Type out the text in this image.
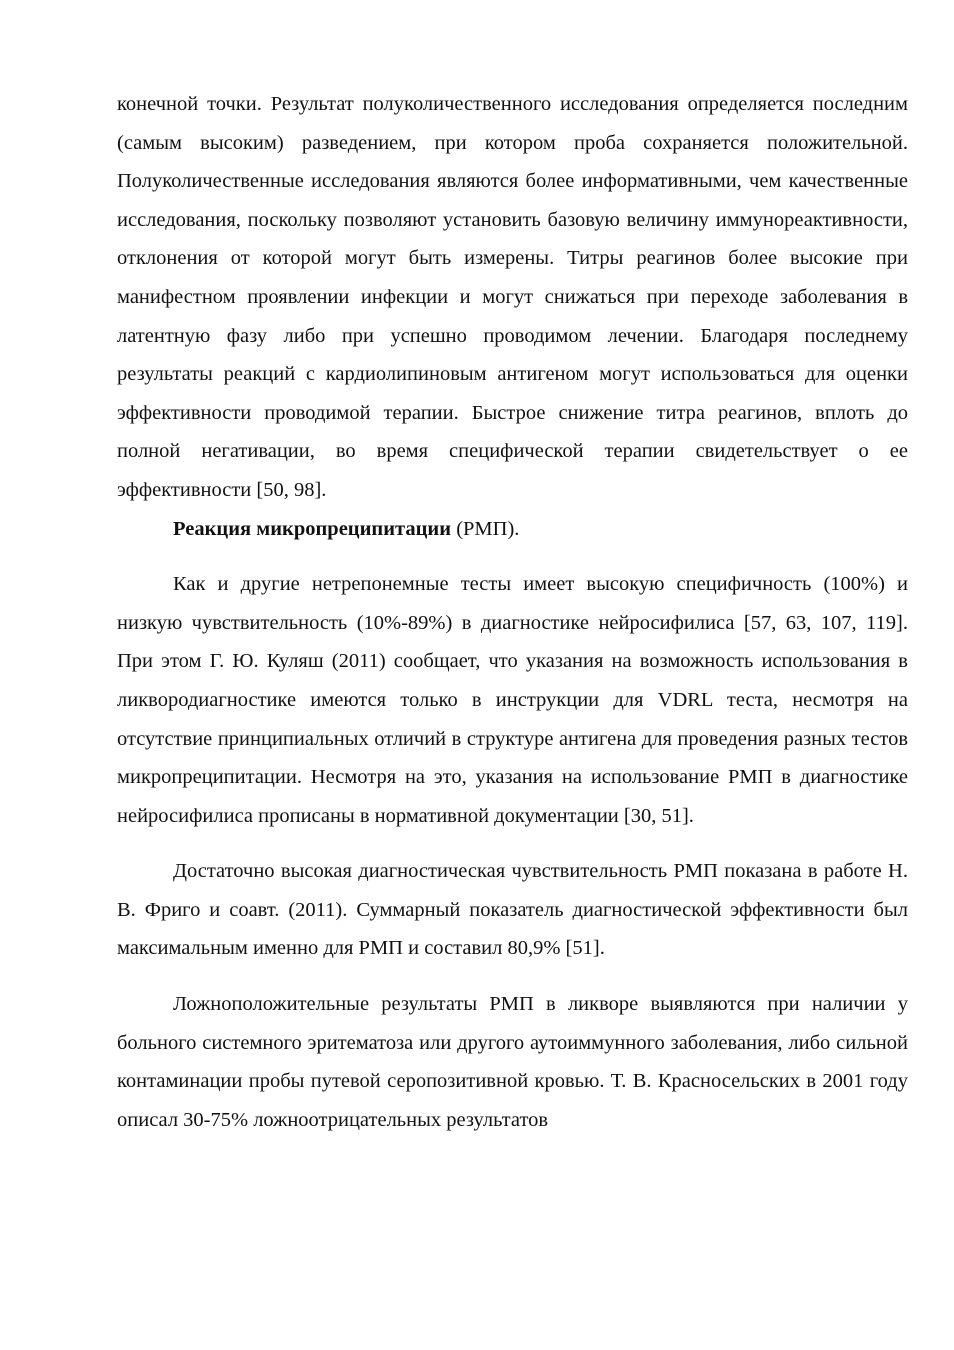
конечной точки. Результат полуколичественного исследования определяется последним (самым высоким) разведением, при котором проба сохраняется положительной. Полуколичественные исследования являются более информативными, чем качественные исследования, поскольку позволяют установить базовую величину иммунореактивности, отклонения от которой могут быть измерены. Титры реагинов более высокие при манифестном проявлении инфекции и могут снижаться при переходе заболевания в латентную фазу либо при успешно проводимом лечении. Благодаря последнему результаты реакций с кардиолипиновым антигеном могут использоваться для оценки эффективности проводимой терапии. Быстрое снижение титра реагинов, вплоть до полной негативации, во время специфической терапии свидетельствует о ее эффективности [50, 98].

Реакция микропреципитации (РМП).

Как и другие нетрепонемные тесты имеет высокую специфичность (100%) и низкую чувствительность (10%-89%) в диагностике нейросифилиса [57, 63, 107, 119]. При этом Г. Ю. Куляш (2011) сообщает, что указания на возможность использования в ликвородиагностике имеются только в инструкции для VDRL теста, несмотря на отсутствие принципиальных отличий в структуре антигена для проведения разных тестов микропреципитации. Несмотря на это, указания на использование РМП в диагностике нейросифилиса прописаны в нормативной документации [30, 51].

Достаточно высокая диагностическая чувствительность РМП показана в работе Н. В. Фриго и соавт. (2011). Суммарный показатель диагностической эффективности был максимальным именно для РМП и составил 80,9% [51].

Ложноположительные результаты РМП в ликворе выявляются при наличии у больного системного эритематоза или другого аутоиммунного заболевания, либо сильной контаминации пробы путевой серопозитивной кровью. Т. В. Красносельских в 2001 году описал 30-75% ложноотрицательных результатов
